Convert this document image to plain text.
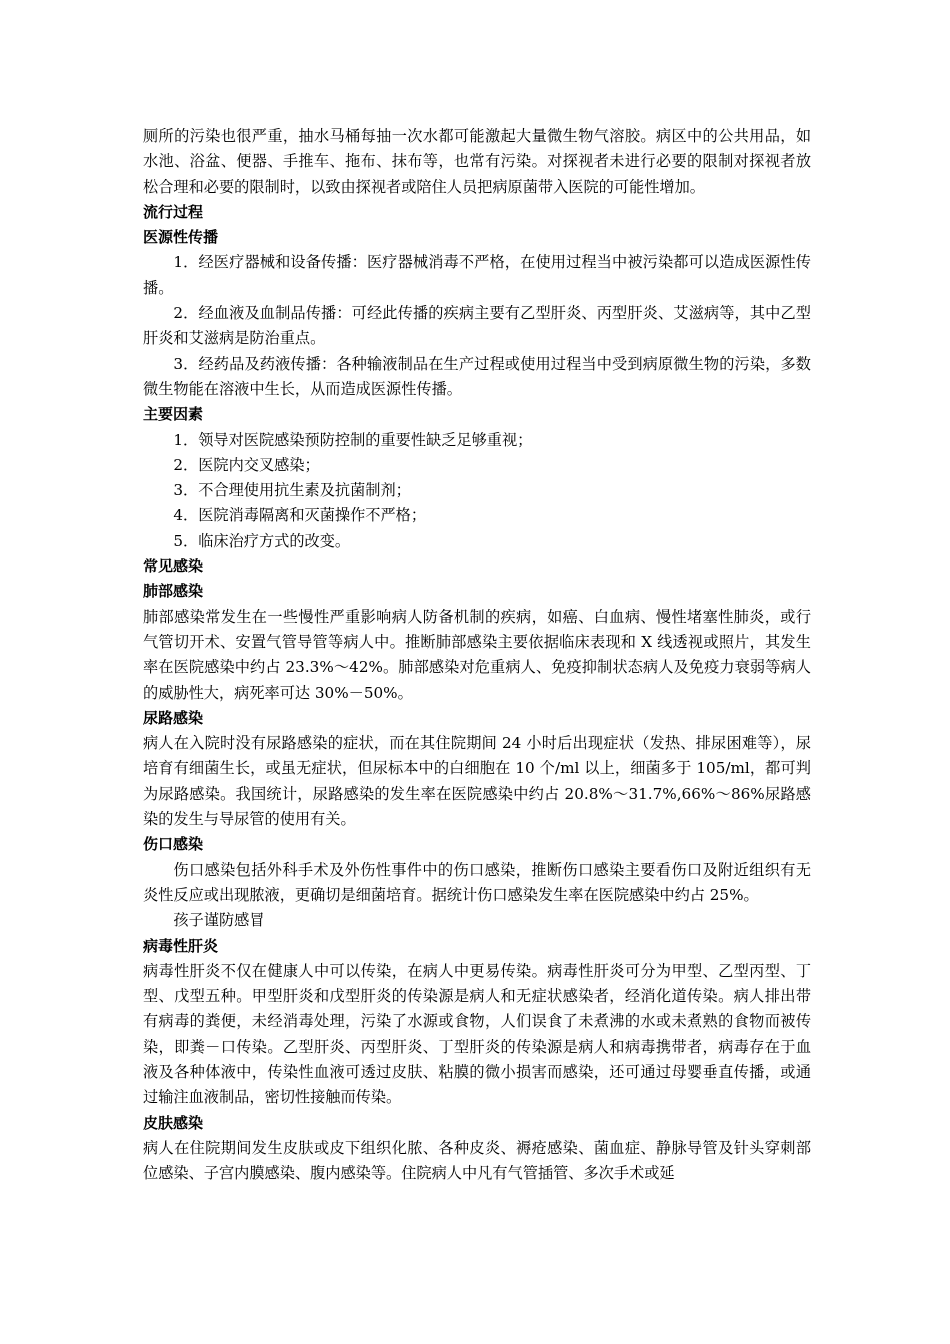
厕所的污染也很严重，抽水马桶每抽一次水都可能激起大量微生物气溶胶。病区中的公共用品，如水池、浴盆、便器、手推车、拖布、抹布等，也常有污染。对探视者未进行必要的限制对探视者放松合理和必要的限制时，以致由探视者或陪住人员把病原菌带入医院的可能性增加。

流行过程

医源性传播

1．经医疗器械和设备传播：医疗器械消毒不严格，在使用过程当中被污染都可以造成医源性传播。

2．经血液及血制品传播：可经此传播的疾病主要有乙型肝炎、丙型肝炎、艾滋病等，其中乙型肝炎和艾滋病是防治重点。

3．经药品及药液传播：各种输液制品在生产过程或使用过程当中受到病原微生物的污染，多数微生物能在溶液中生长，从而造成医源性传播。

主要因素

1．领导对医院感染预防控制的重要性缺乏足够重视；

2．医院内交叉感染；

3．不合理使用抗生素及抗菌制剂；

4．医院消毒隔离和灭菌操作不严格；

5．临床治疗方式的改变。

常见感染

肺部感染

肺部感染常发生在一些慢性严重影响病人防备机制的疾病，如癌、白血病、慢性堵塞性肺炎，或行气管切开术、安置气管导管等病人中。推断肺部感染主要依据临床表现和 X 线透视或照片，其发生率在医院感染中约占 23.3%～42%。肺部感染对危重病人、免疫抑制状态病人及免疫力衰弱等病人的威胁性大，病死率可达 30%－50%。

尿路感染

病人在入院时没有尿路感染的症状，而在其住院期间 24 小时后出现症状（发热、排尿困难等），尿培育有细菌生长，或虽无症状，但尿标本中的白细胞在 10 个/ml 以上，细菌多于 105/ml，都可判为尿路感染。我国统计，尿路感染的发生率在医院感染中约占 20.8%～31.7%,66%～86%尿路感染的发生与导尿管的使用有关。

伤口感染

伤口感染包括外科手术及外伤性事件中的伤口感染，推断伤口感染主要看伤口及附近组织有无炎性反应或出现脓液，更确切是细菌培育。据统计伤口感染发生率在医院感染中约占 25%。

孩子谨防感冒

病毒性肝炎

病毒性肝炎不仅在健康人中可以传染，在病人中更易传染。病毒性肝炎可分为甲型、乙型丙型、丁型、戊型五种。甲型肝炎和戊型肝炎的传染源是病人和无症状感染者，经消化道传染。病人排出带有病毒的粪便，未经消毒处理，污染了水源或食物，人们误食了未煮沸的水或未煮熟的食物而被传染，即粪－口传染。乙型肝炎、丙型肝炎、丁型肝炎的传染源是病人和病毒携带者，病毒存在于血液及各种体液中，传染性血液可透过皮肤、粘膜的微小损害而感染，还可通过母婴垂直传播，或通过输注血液制品，密切性接触而传染。

皮肤感染

病人在住院期间发生皮肤或皮下组织化脓、各种皮炎、褥疮感染、菌血症、静脉导管及针头穿刺部位感染、子宫内膜感染、腹内感染等。住院病人中凡有气管插管、多次手术或延
